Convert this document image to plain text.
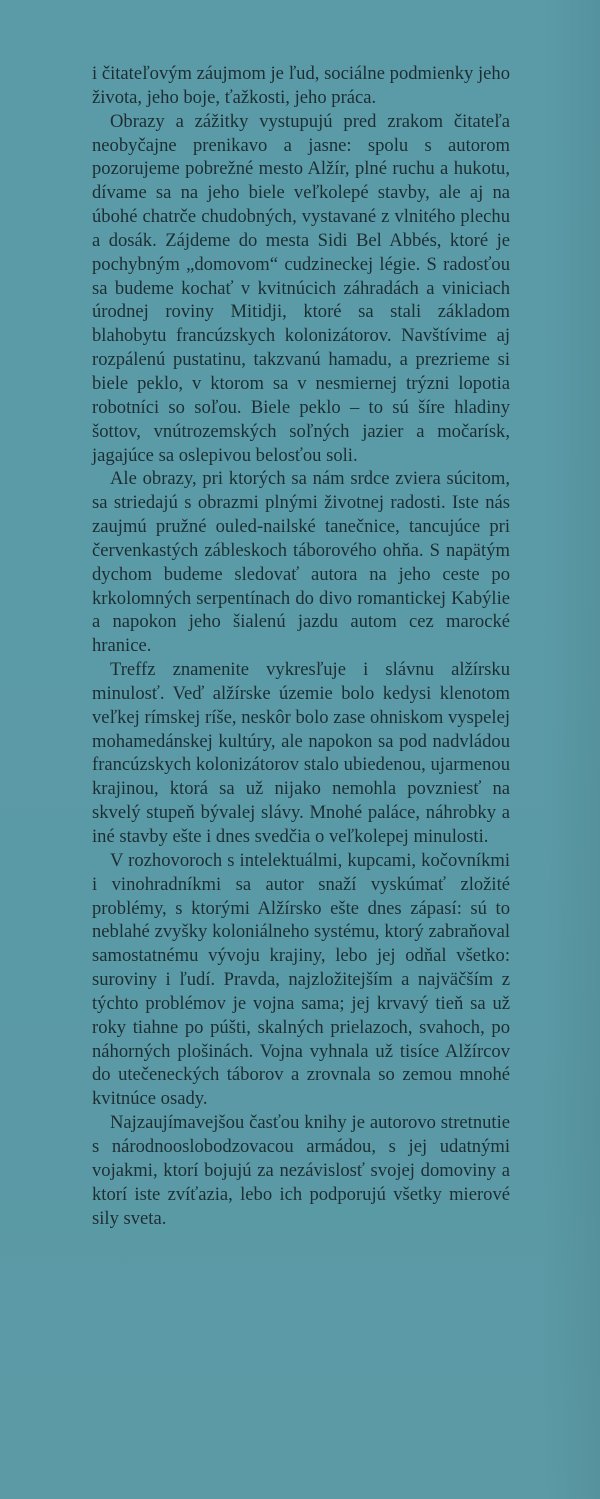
i čitateľovým záujmom je ľud, sociálne podmienky jeho života, jeho boje, ťažkosti, jeho práca.

Obrazy a zážitky vystupujú pred zrakom čitateľa neobyčajne prenikavo a jasne: spolu s autorom pozorujeme pobrežné mesto Alžír, plné ruchu a hukotu, dívame sa na jeho biele veľkolepé stavby, ale aj na úbohé chatrče chudobných, vystavané z vlnitého plechu a dosák. Zájdeme do mesta Sidi Bel Abbés, ktoré je pochybným „domovom“ cudzineckej légie. S radosťou sa budeme kochať v kvitnúcich záhradách a viniciach úrodnej roviny Mitidji, ktoré sa stali základom blahobytu francúzskych kolonizátorov. Navštívime aj rozpálenú pustatinu, takzvanú hamadu, a prezrieme si biele peklo, v ktorom sa v nesmiernej trýzni lopotia robotníci so soľou. Biele peklo – to sú šíre hladiny šottov, vnútrozemských soľných jazier a močarísk, jagajúce sa oslepivou belosťou soli.

Ale obrazy, pri ktorých sa nám srdce zviera súcitom, sa striedajú s obrazmi plnými životnej radosti. Iste nás zaujmú pružné ouled-nailské tanečnice, tancujúce pri červenkastých zábleskoch táborového ohňa. S napätým dychom budeme sledovať autora na jeho ceste po krkolomných serpentínach do divo romantickej Kabýlie a napokon jeho šialenú jazdu autom cez marocké hranice.

Treffz znamenite vykresľuje i slávnu alžírsku minulosť. Veď alžírske územie bolo kedysi klenotom veľkej rímskej ríše, neskôr bolo zase ohniskom vyspelej mohamedánskej kultúry, ale napokon sa pod nadvládou francúzskych kolonizátorov stalo ubiedenou, ujarmenou krajinou, ktorá sa už nijako nemohla povzniesť na skvelý stupeň bývalej slávy. Mnohé paláce, náhrobky a iné stavby ešte i dnes svedčia o veľkolepej minulosti.

V rozhovoroch s intelektuálmi, kupcami, kočovníkmi i vinohradníkmi sa autor snaží vyskúmať zložité problémy, s ktorými Alžírsko ešte dnes zápasí: sú to neblahé zvyšky koloniálneho systému, ktorý zabraňoval samostatnému vývoju krajiny, lebo jej odňal všetko: suroviny i ľudí. Pravda, najzložitejším a najväčším z týchto problémov je vojna sama; jej krvavý tieň sa už roky tiahne po púšti, skalných prielazoch, svahoch, po náhorných plošinách. Vojna vyhnala už tisíce Alžírcov do utečeneckých táborov a zrovnala so zemou mnohé kvitnúce osady.

Najzaujímavejšou časťou knihy je autorovo stretnutie s národnooslobodzovacou armádou, s jej udatnými vojakmi, ktorí bojujú za nezávislosť svojej domoviny a ktorí iste zvíťazia, lebo ich podporujú všetky mierové sily sveta.
